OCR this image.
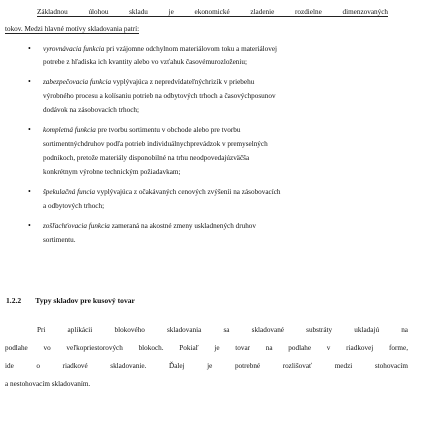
Základnou úlohou skladu je ekonomické zladenie rozdielne dimenzovaných
tokov. Medzi hlavné motívy skladovania patrí:
• vyrovnávacia funkcia pri vzájomne odchylnom materiálovom toku a materiálovej
potrebe z hľadiska ich kvantity alebo vo vzťahuk časovémurozloženiu;
• zabezpečovacia funkcia vyplývajúca z nepredvídateľnýchrizík v priebehu
výrobného procesu a kolísaniu potrieb na odbytových trhoch a časovýchposunov
dodávok na zásobovacích trhoch;
• kompletná funkcia pre tvorbu sortimentu v obchode alebo pre tvorbu
sortimentnýchdruhov podľa potrieb individuálnychprevádzok v premyselných
podnikoch, pretože materiály disponobilné na trhu neodpovedajúzväčša
konkrétnym výrobne technickým požiadavkam;
• špekulačná funcia vyplývajúca z očakávaných cenových zvýšeníi na zásobovacích
a odbytových trhoch;
• zošľachťovacia funkcia zameraná na akostné zmeny uskladnených druhov
sortimentu.
1.2.2 Typy skladov pre kusový tovar
Pri aplikácii blokového skladovania sa skladované substráty ukladajú na
podlahe vo veľkopriestorových blokoch. Pokiaľ je tovar na podlahe v riadkovej forme,
ide o riadkové skladovanie. Ďalej je potrebné rozlišovať medzi stohovacím
a nestohovacím skladovaním.
